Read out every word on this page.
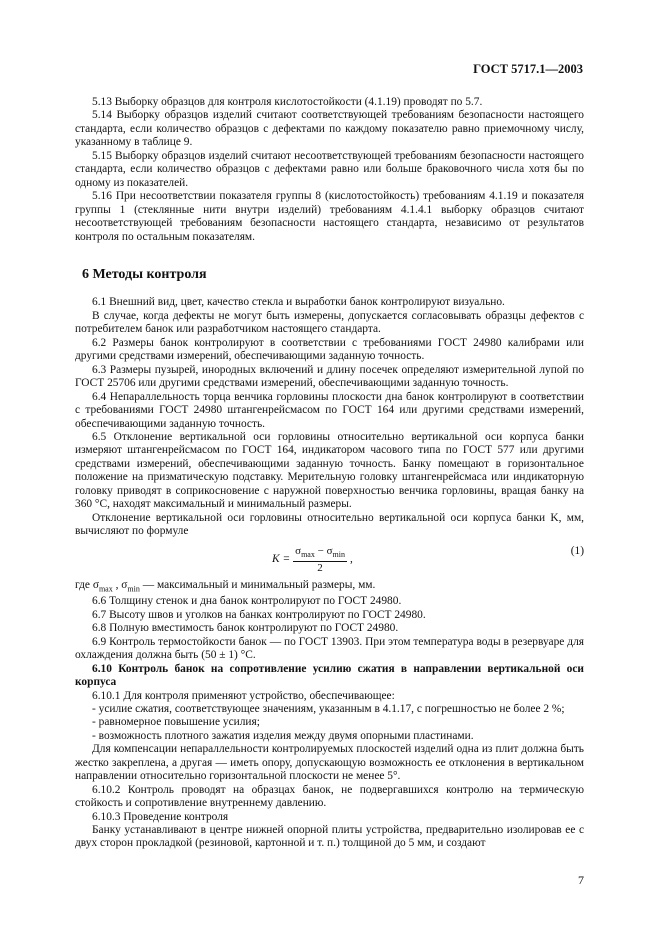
ГОСТ 5717.1—2003

5.13 Выборку образцов для контроля кислотостойкости (4.1.19) проводят по 5.7.

5.14 Выборку образцов изделий считают соответствующей требованиям безопасности настоящего стандарта, если количество образцов с дефектами по каждому показателю равно приемочному числу, указанному в таблице 9.

5.15 Выборку образцов изделий считают несоответствующей требованиям безопасности настоящего стандарта, если количество образцов с дефектами равно или больше браковочного числа хотя бы по одному из показателей.

5.16 При несоответствии показателя группы 8 (кислотостойкость) требованиям 4.1.19 и показателя группы 1 (стеклянные нити внутри изделий) требованиям 4.1.4.1 выборку образцов считают несоответствующей требованиям безопасности настоящего стандарта, независимо от результатов контроля по остальным показателям.

6 Методы контроля

6.1 Внешний вид, цвет, качество стекла и выработки банок контролируют визуально.

В случае, когда дефекты не могут быть измерены, допускается согласовывать образцы дефектов с потребителем банок или разработчиком настоящего стандарта.

6.2 Размеры банок контролируют в соответствии с требованиями ГОСТ 24980 калибрами или другими средствами измерений, обеспечивающими заданную точность.

6.3 Размеры пузырей, инородных включений и длину посечек определяют измерительной лупой по ГОСТ 25706 или другими средствами измерений, обеспечивающими заданную точность.

6.4 Непараллельность торца венчика горловины плоскости дна банок контролируют в соответствии с требованиями ГОСТ 24980 штангенрейсмасом по ГОСТ 164 или другими средствами измерений, обеспечивающими заданную точность.

6.5 Отклонение вертикальной оси горловины относительно вертикальной оси корпуса банки измеряют штангенрейсмасом по ГОСТ 164, индикатором часового типа по ГОСТ 577 или другими средствами измерений, обеспечивающими заданную точность. Банку помещают в горизонтальное положение на призматическую подставку. Мерительную головку штангенрейсмаса или индикаторную головку приводят в соприкосновение с наружной поверхностью венчика горловины, вращая банку на 360 °С, находят максимальный и минимальный размеры.

Отклонение вертикальной оси горловины относительно вертикальной оси корпуса банки K, мм, вычисляют по формуле

$K = \frac{\sigma_{max} - \sigma_{min}}{2}$ ,
(1)

где $\sigma_{max}$ , $\sigma_{min}$ — максимальный и минимальный размеры, мм.

6.6 Толщину стенок и дна банок контролируют по ГОСТ 24980.

6.7 Высоту швов и уголков на банках контролируют по ГОСТ 24980.

6.8 Полную вместимость банок контролируют по ГОСТ 24980.

6.9 Контроль термостойкости банок — по ГОСТ 13903. При этом температура воды в резервуаре для охлаждения должна быть (50 ± 1) °С.

6.10 Контроль банок на сопротивление усилию сжатия в направлении вертикальной оси корпуса

6.10.1 Для контроля применяют устройство, обеспечивающее:

- усилие сжатия, соответствующее значениям, указанным в 4.1.17, с погрешностью не более 2 %;

- равномерное повышение усилия;

- возможность плотного зажатия изделия между двумя опорными пластинами.

Для компенсации непараллельности контролируемых плоскостей изделий одна из плит должна быть жестко закреплена, а другая — иметь опору, допускающую возможность ее отклонения в вертикальном направлении относительно горизонтальной плоскости не менее 5°.

6.10.2 Контроль проводят на образцах банок, не подвергавшихся контролю на термическую стойкость и сопротивление внутреннему давлению.

6.10.3 Проведение контроля

Банку устанавливают в центре нижней опорной плиты устройства, предварительно изолировав ее с двух сторон прокладкой (резиновой, картонной и т. п.) толщиной до 5 мм, и создают

7
